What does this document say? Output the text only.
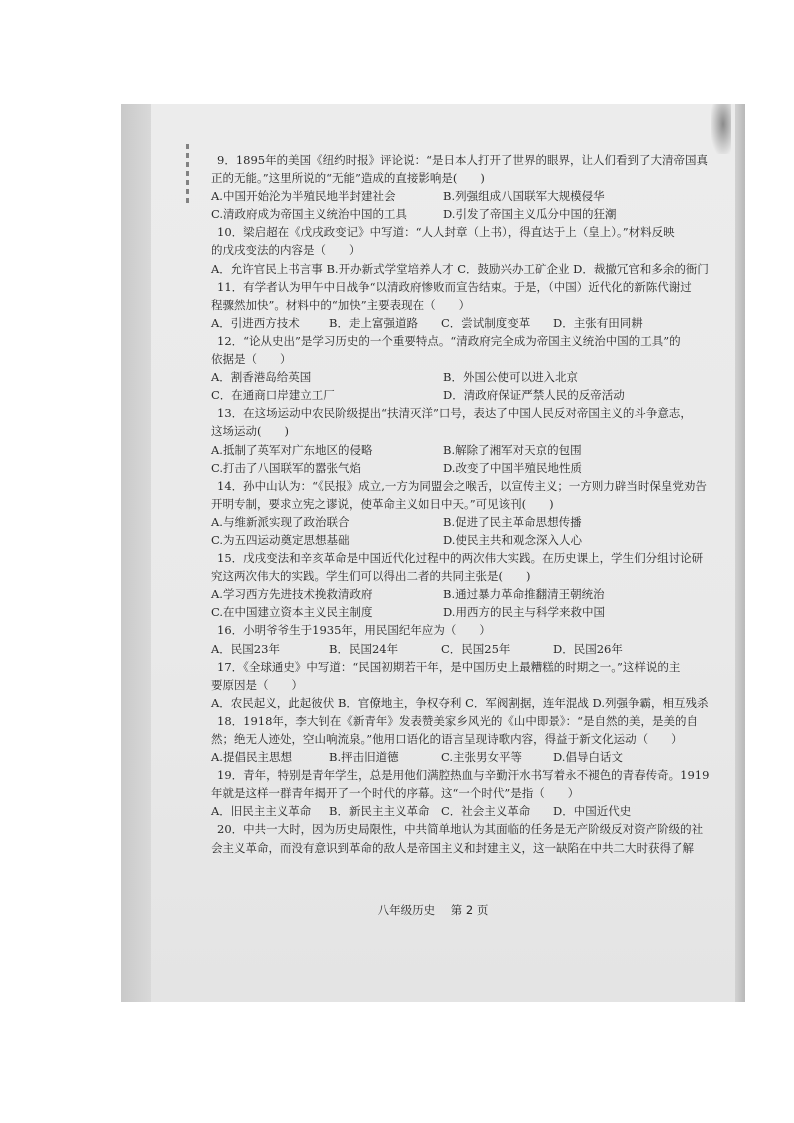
9．1895年的美国《纽约时报》评论说：“是日本人打开了世界的眼界，让人们看到了大清帝国真
正的无能。”这里所说的“无能”造成的直接影响是(　　)
A.中国开始沦为半殖民地半封建社会	B.列强组成八国联军大规模侵华
C.清政府成为帝国主义统治中国的工具	D.引发了帝国主义瓜分中国的狂潮
10．梁启超在《戊戌政变记》中写道：“人人封章（上书），得直达于上（皇上）。”材料反映
的戊戌变法的内容是（　　）
A．允许官民上书言事 B.开办新式学堂培养人才 C．鼓励兴办工矿企业 D．裁撤冗官和多余的衙门
11．有学者认为甲午中日战争“以清政府惨败而宣告结束。于是，（中国）近代化的新陈代谢过
程骤然加快”。材料中的“加快”主要表现在（　　）
A．引进西方技术	B．走上富强道路 C．尝试制度变革 D．主张有田同耕
12．“论从史出”是学习历史的一个重要特点。“清政府完全成为帝国主义统治中国的工具”的
依据是（　　）
A．割香港岛给英国	B．外国公使可以进入北京
C．在通商口岸建立工厂	D．清政府保证严禁人民的反帝活动
13．在这场运动中农民阶级提出“扶清灭洋”口号，表达了中国人民反对帝国主义的斗争意志，
这场运动(　　)
A.抵制了英军对广东地区的侵略	B.解除了湘军对天京的包围
C.打击了八国联军的嚣张气焰	D.改变了中国半殖民地性质
14．孙中山认为：“《民报》成立,一方为同盟会之喉舌，以宣传主义；一方则力辟当时保皇党劝告
开明专制，要求立宪之谬说，使革命主义如日中天。”可见该刊(　　)
A.与维新派实现了政治联合	B.促进了民主革命思想传播
C.为五四运动奠定思想基础	D.使民主共和观念深入人心
15．戊戌变法和辛亥革命是中国近代化过程中的两次伟大实践。在历史课上，学生们分组讨论研
究这两次伟大的实践。学生们可以得出二者的共同主张是(　　)
A.学习西方先进技术挽救清政府	B.通过暴力革命推翻清王朝统治
C.在中国建立资本主义民主制度	D.用西方的民主与科学来救中国
16．小明爷爷生于1935年，用民国纪年应为（　　）
A．民国23年	B．民国24年	C．民国25年	D．民国26年
17．《全球通史》中写道：“民国初期若干年，是中国历史上最糟糕的时期之一。”这样说的主
要原因是（　　）
A．农民起义，此起彼伏 B．官僚地主，争权夺利 C．军阀割据，连年混战 D.列强争霸，相互残杀
18．1918年，李大钊在《新青年》发表赞美家乡风光的《山中即景》：“是自然的美，是美的自
然；绝无人迹处，空山响流泉。”他用口语化的语言呈现诗歌内容，得益于新文化运动（　　）
A.提倡民主思想	B.抨击旧道德	C.主张男女平等	D.倡导白话文
19．青年，特别是青年学生，总是用他们满腔热血与辛勤汗水书写着永不褪色的青春传奇。1919
年就是这样一群青年揭开了一个时代的序幕。这“一个时代”是指（　　）
A．旧民主主义革命 B．新民主主义革命 C．社会主义革命 D．中国近代史
20．中共一大时，因为历史局限性，中共简单地认为其面临的任务是无产阶级反对资产阶级的社
会主义革命，而没有意识到革命的敌人是帝国主义和封建主义，这一缺陷在中共二大时获得了解
八年级历史 第 2 页
